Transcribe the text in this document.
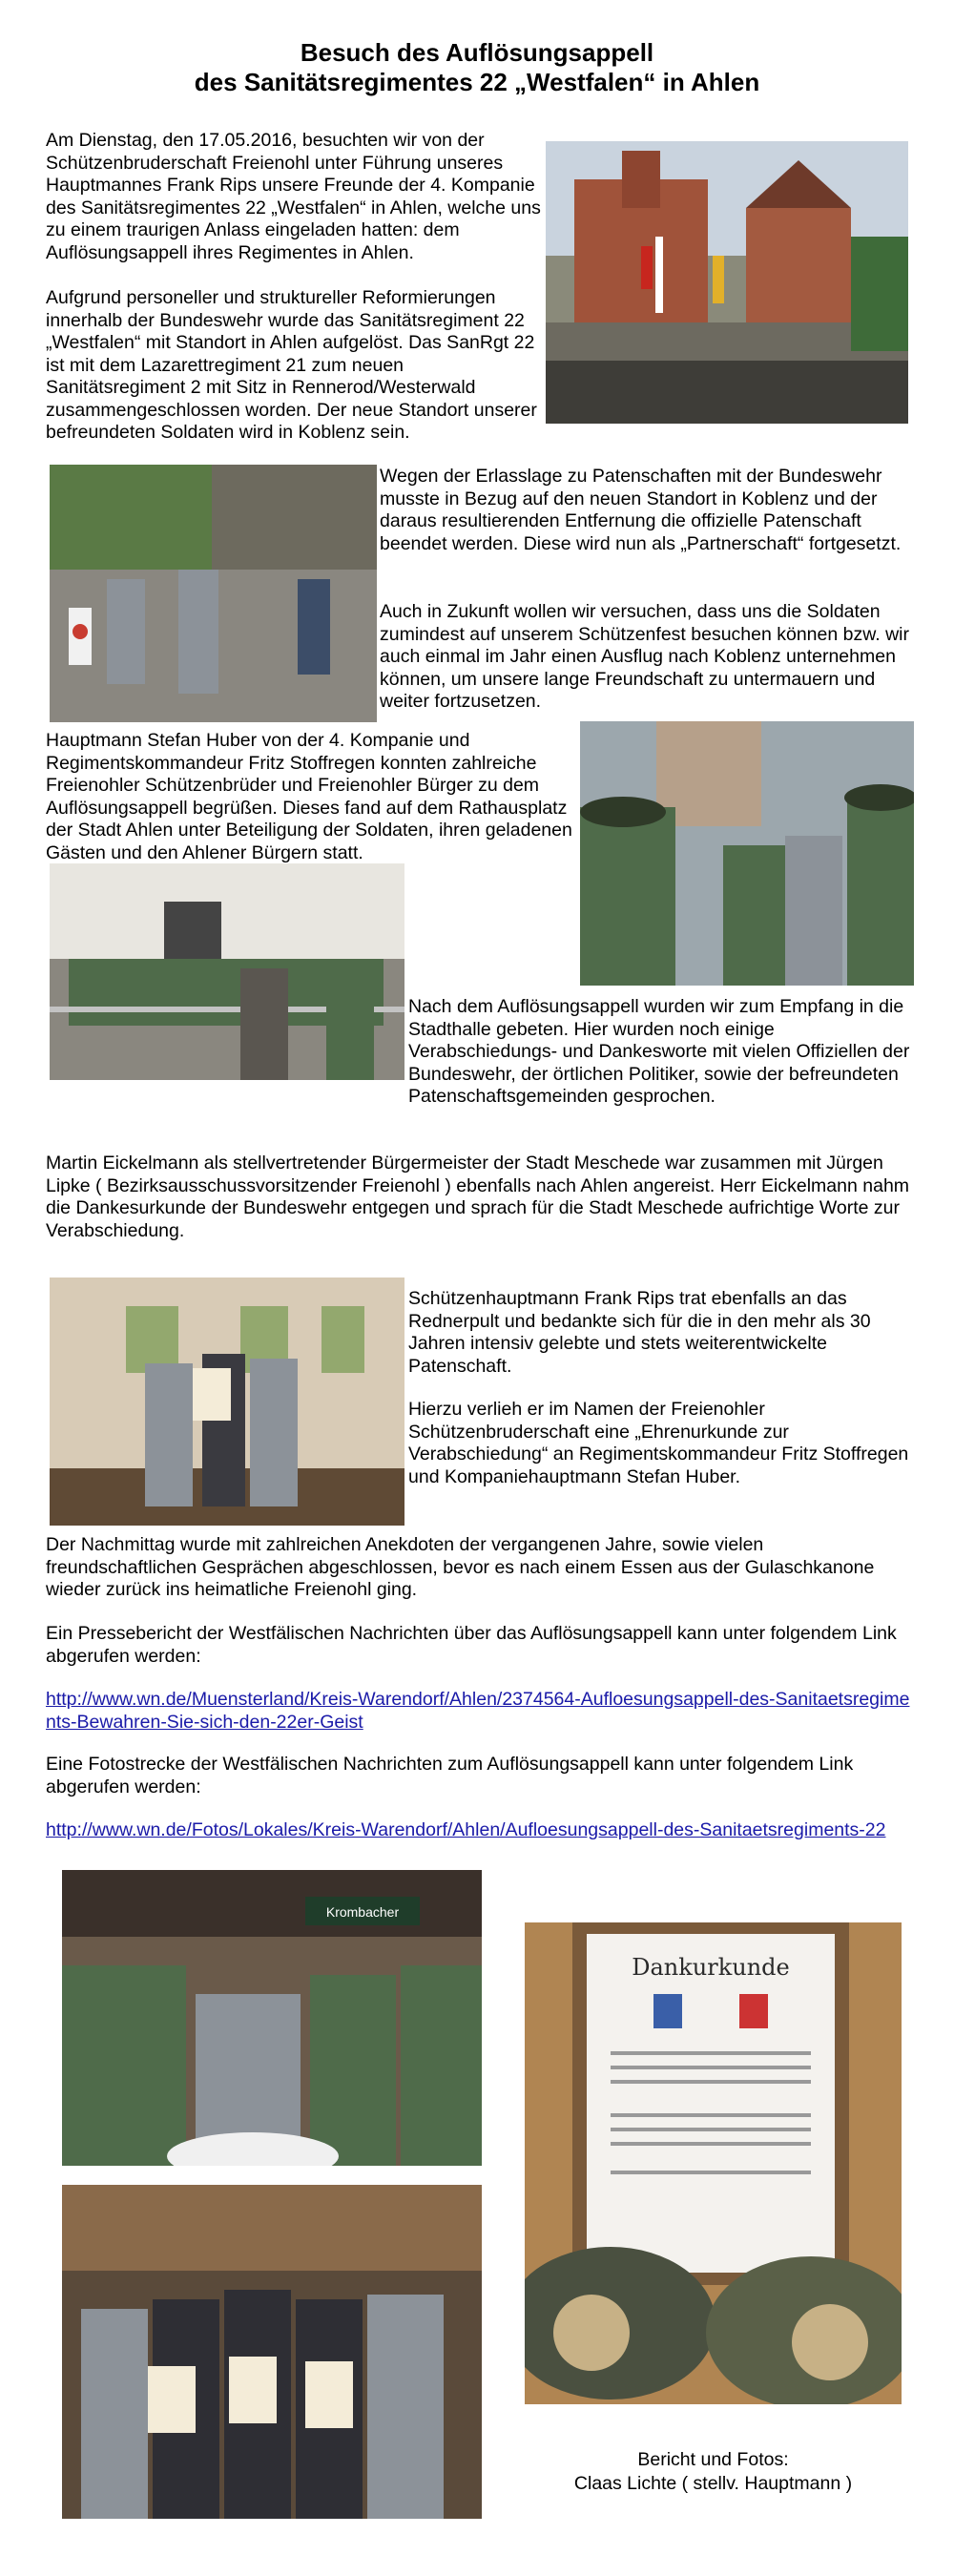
Besuch des Auflösungsappell
des Sanitätsregimentes 22 „Westfalen“ in Ahlen

Am Dienstag, den 17.05.2016, besuchten wir von der Schützenbruderschaft Freienohl unter Führung unseres Hauptmannes Frank Rips unsere Freunde der 4. Kompanie des Sanitätsregimentes 22 „Westfalen“ in Ahlen, welche uns zu einem traurigen Anlass eingeladen hatten: dem Auflösungsappell ihres Regimentes in Ahlen.

Aufgrund personeller und struktureller Reformierungen innerhalb der Bundeswehr wurde das Sanitätsregiment 22 „Westfalen“ mit Standort in Ahlen aufgelöst. Das SanRgt 22 ist mit dem Lazarettregiment 21 zum neuen Sanitätsregiment 2 mit Sitz in Rennerod/Westerwald zusammengeschlossen worden. Der neue Standort unserer befreundeten Soldaten wird in Koblenz sein.

Wegen der Erlasslage zu Patenschaften mit der Bundeswehr musste in Bezug auf den neuen Standort in Koblenz und der daraus resultierenden Entfernung die offizielle Patenschaft beendet werden. Diese wird nun als „Partnerschaft“ fortgesetzt.

Auch in Zukunft wollen wir versuchen, dass uns die Soldaten zumindest auf unserem Schützenfest besuchen können bzw. wir auch einmal im Jahr einen Ausflug nach Koblenz unternehmen können, um unsere lange Freundschaft zu untermauern und weiter fortzusetzen.

Hauptmann Stefan Huber von der 4. Kompanie und Regimentskommandeur Fritz Stoffregen konnten zahlreiche Freienohler Schützenbrüder und Freienohler Bürger zu dem Auflösungsappell begrüßen. Dieses fand auf dem Rathausplatz der Stadt Ahlen unter Beteiligung der Soldaten, ihren geladenen Gästen und den Ahlener Bürgern statt.

Nach dem Auflösungsappell wurden wir zum Empfang in die Stadthalle gebeten. Hier wurden noch einige Verabschiedungs- und Dankesworte mit vielen Offiziellen der Bundeswehr, der örtlichen Politiker, sowie der befreundeten Patenschaftsgemeinden gesprochen.

Martin Eickelmann als stellvertretender Bürgermeister der Stadt Meschede war zusammen mit Jürgen Lipke ( Bezirksausschussvorsitzender Freienohl ) ebenfalls nach Ahlen angereist. Herr Eickelmann nahm die Dankesurkunde der Bundeswehr entgegen und sprach für die Stadt Meschede aufrichtige Worte zur Verabschiedung.

Schützenhauptmann Frank Rips trat ebenfalls an das Rednerpult und bedankte sich für die in den mehr als 30 Jahren intensiv gelebte und stets weiterentwickelte Patenschaft.

Hierzu verlieh er im Namen der Freienohler Schützenbruderschaft eine „Ehrenurkunde zur Verabschiedung“ an Regimentskommandeur Fritz Stoffregen und Kompaniehauptmann Stefan Huber.

Der Nachmittag wurde mit zahlreichen Anekdoten der vergangenen Jahre, sowie vielen freundschaftlichen Gesprächen abgeschlossen, bevor es nach einem Essen aus der Gulaschkanone wieder zurück ins heimatliche Freienohl ging.

Ein Pressebericht der Westfälischen Nachrichten über das Auflösungsappell kann unter folgendem Link abgerufen werden:

http://www.wn.de/Muensterland/Kreis-Warendorf/Ahlen/2374564-Aufloesungsappell-des-Sanitaetsregiments-Bewahren-Sie-sich-den-22er-Geist

Eine Fotostrecke der Westfälischen Nachrichten zum Auflösungsappell kann unter folgendem Link abgerufen werden:

http://www.wn.de/Fotos/Lokales/Kreis-Warendorf/Ahlen/Aufloesungsappell-des-Sanitaetsregiments-22
Krombacher
Dankurkunde
Bericht und Fotos:
Claas Lichte ( stellv. Hauptmann )
